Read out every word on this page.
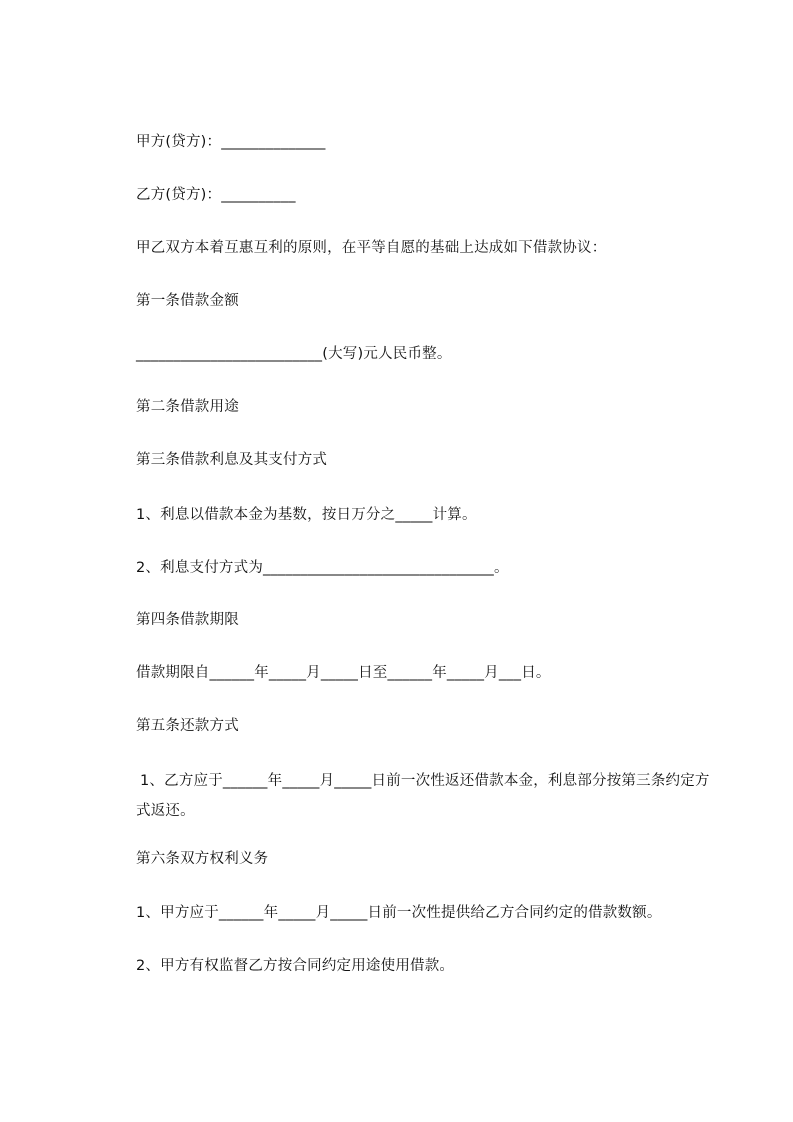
甲方(贷方)：______________
乙方(贷方)：__________
甲乙双方本着互惠互利的原则，在平等自愿的基础上达成如下借款协议：
第一条借款金额
_________________________(大写)元人民币整。
第二条借款用途
第三条借款利息及其支付方式
1、利息以借款本金为基数，按日万分之_____计算。
2、利息支付方式为_______________________________。
第四条借款期限
借款期限自______年_____月_____日至______年_____月___日。
第五条还款方式
1、乙方应于______年_____月_____日前一次性返还借款本金，利息部分按第三条约定方式返还。
第六条双方权利义务
1、甲方应于______年_____月_____日前一次性提供给乙方合同约定的借款数额。
2、甲方有权监督乙方按合同约定用途使用借款。
